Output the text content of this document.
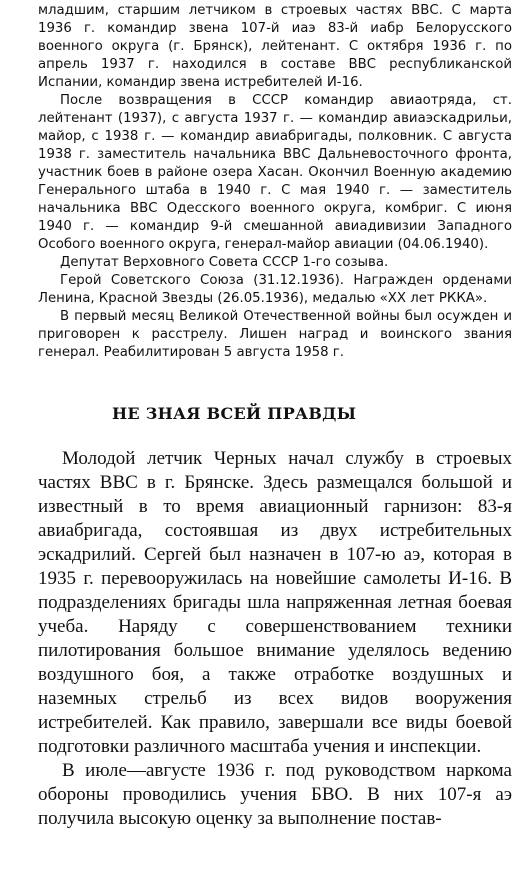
младшим, старшим летчиком в строевых частях ВВС. С марта 1936 г. командир звена 107-й иаэ 83-й иабр Белорусского военного округа (г. Брянск), лейтенант. С октября 1936 г. по апрель 1937 г. находился в составе ВВС республиканской Испании, командир звена истребителей И-16.

После возвращения в СССР командир авиаотряда, ст. лейтенант (1937), с августа 1937 г. — командир авиаэскадрильи, майор, с 1938 г. — командир авиабригады, полковник. С августа 1938 г. заместитель начальника ВВС Дальневосточного фронта, участник боев в районе озера Хасан. Окончил Военную академию Генерального штаба в 1940 г. С мая 1940 г. — заместитель начальника ВВС Одесского военного округа, комбриг. С июня 1940 г. — командир 9-й смешанной авиадивизии Западного Особого военного округа, генерал-майор авиации (04.06.1940).

Депутат Верховного Совета СССР 1-го созыва.

Герой Советского Союза (31.12.1936). Награжден орденами Ленина, Красной Звезды (26.05.1936), медалью «XX лет РККА».

В первый месяц Великой Отечественной войны был осужден и приговорен к расстрелу. Лишен наград и воинского звания генерал. Реабилитирован 5 августа 1958 г.

НЕ ЗНАЯ ВСЕЙ ПРАВДЫ

Молодой летчик Черных начал службу в строевых частях ВВС в г. Брянске. Здесь размещался большой и известный в то время авиационный гарнизон: 83-я авиабригада, состоявшая из двух истребительных эскадрилий. Сергей был назначен в 107-ю аэ, которая в 1935 г. перевооружилась на новейшие самолеты И-16. В подразделениях бригады шла напряженная летная боевая учеба. Наряду с совершенствованием техники пилотирования большое внимание уделялось ведению воздушного боя, а также отработке воздушных и наземных стрельб из всех видов вооружения истребителей. Как правило, завершали все виды боевой подготовки различного масштаба учения и инспекции.

В июле—августе 1936 г. под руководством наркома обороны проводились учения БВО. В них 107-я аэ получила высокую оценку за выполнение постав-
